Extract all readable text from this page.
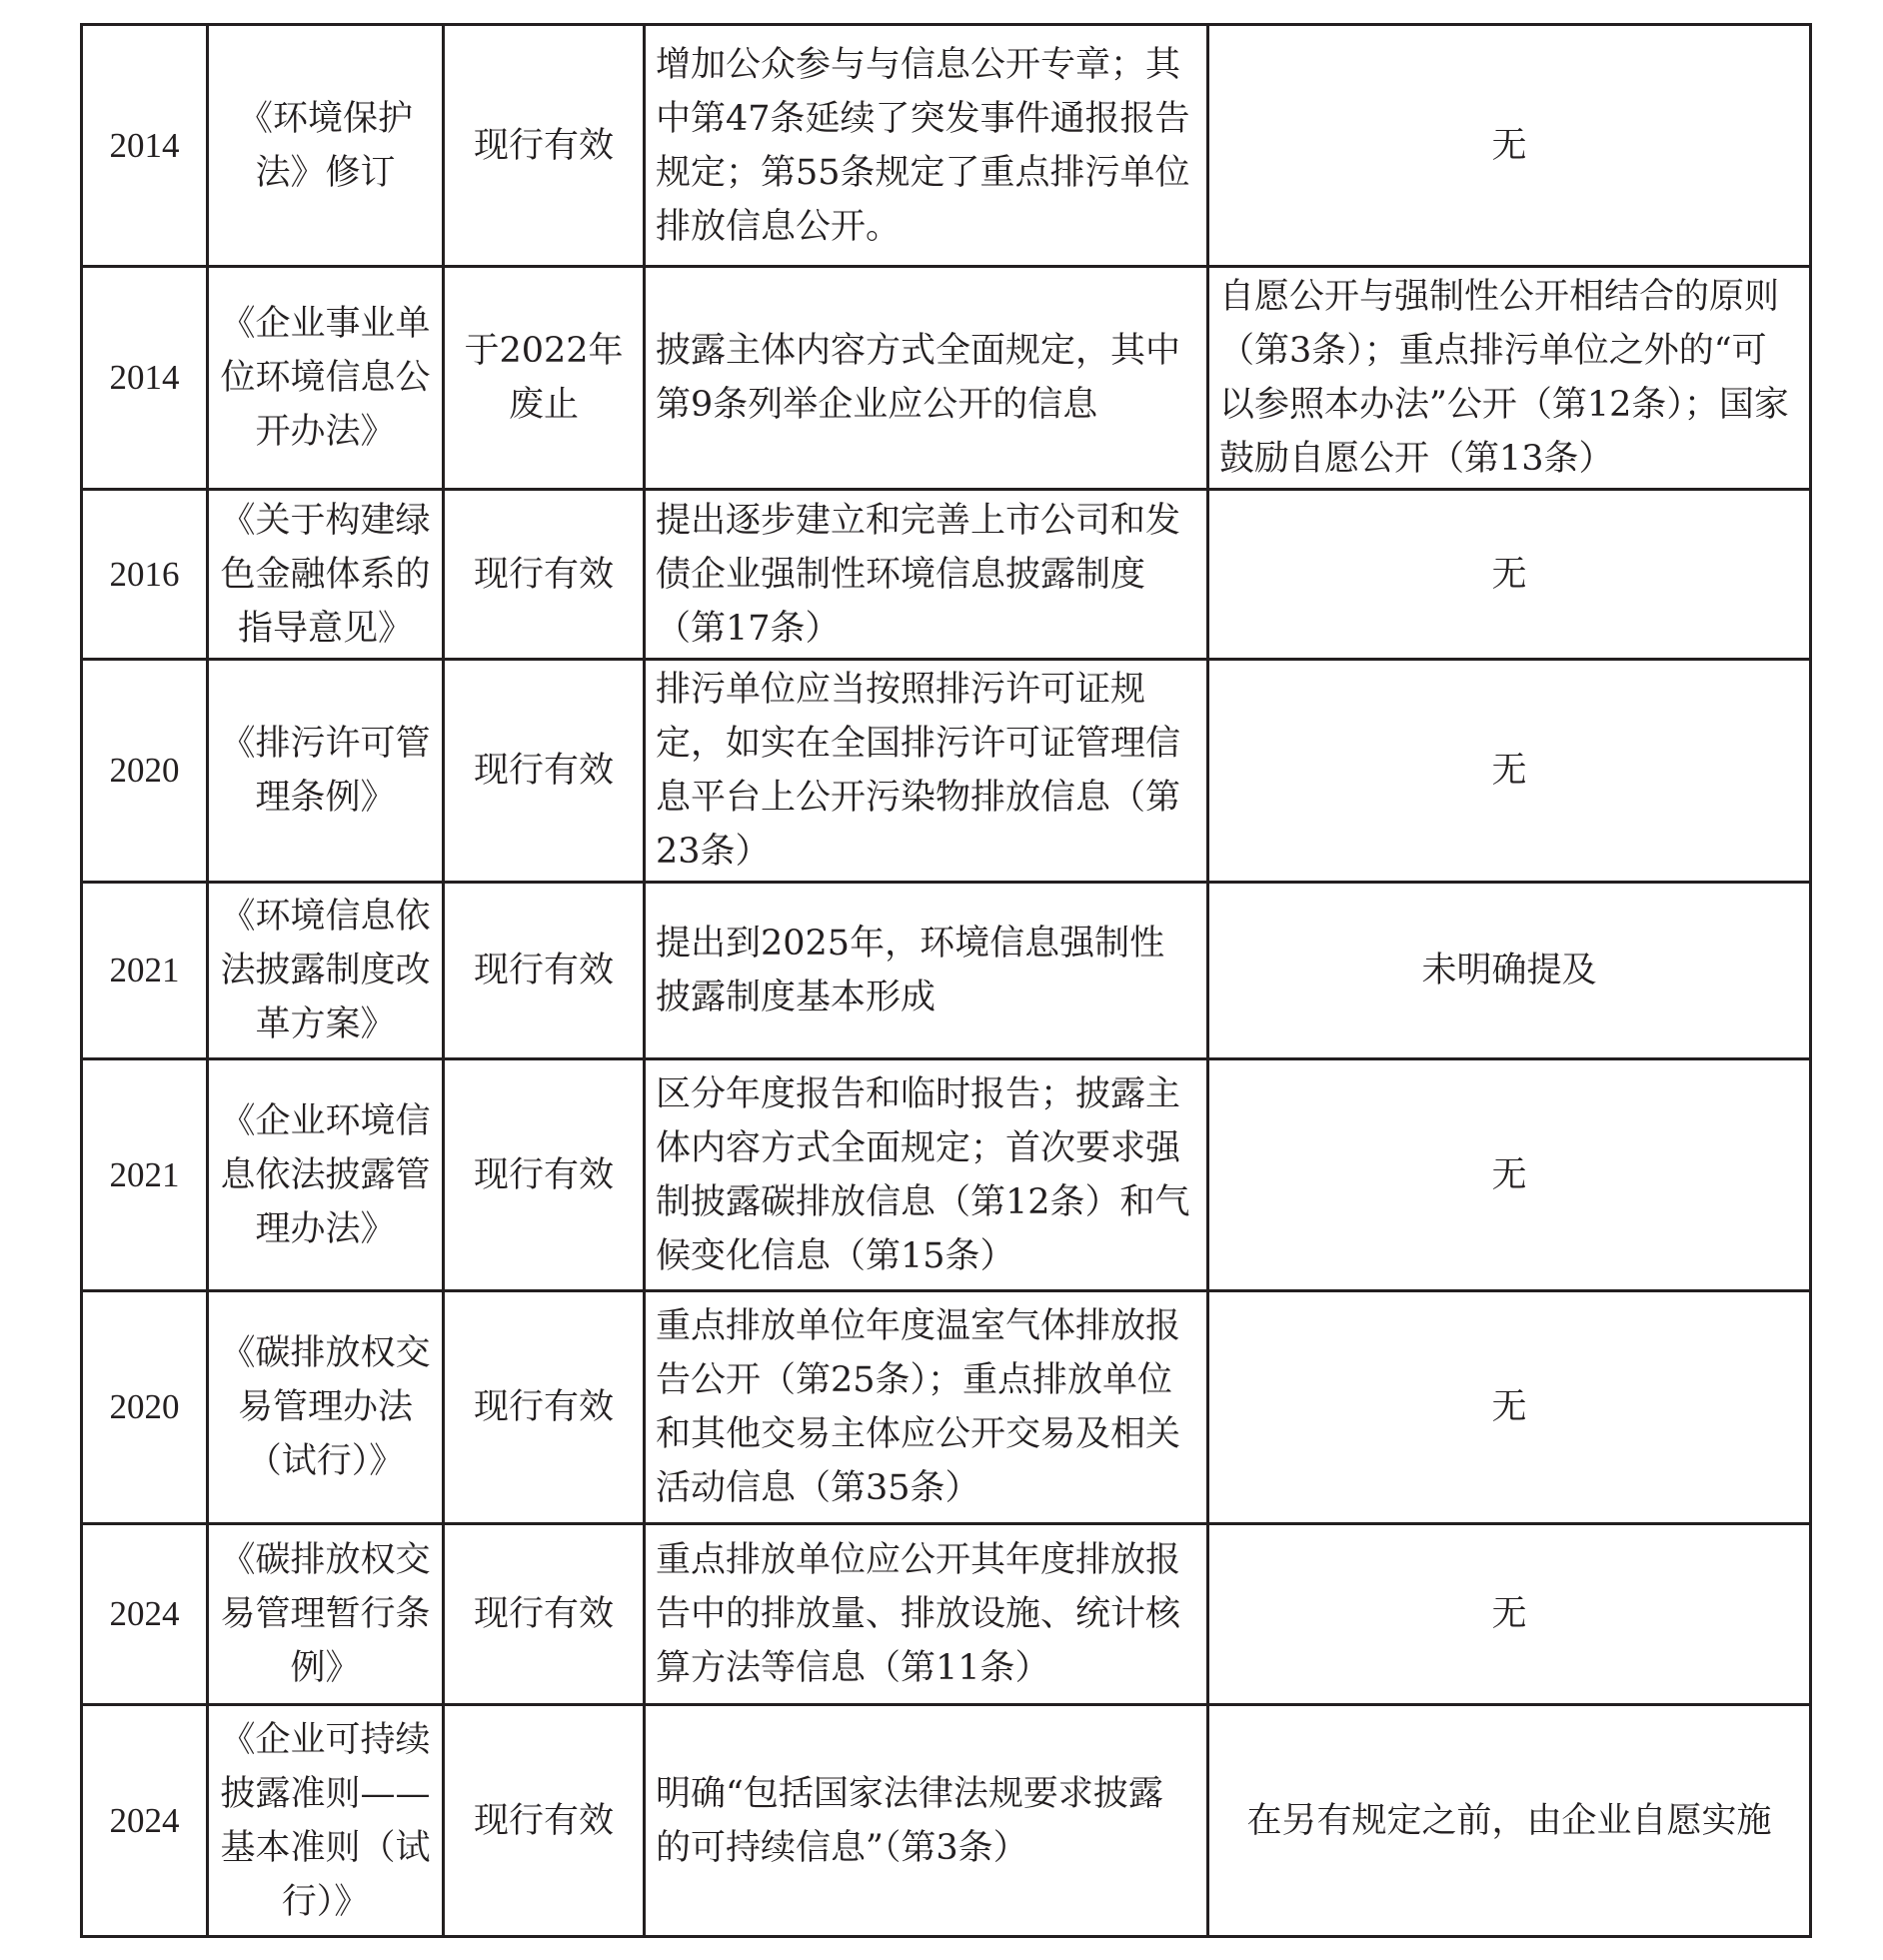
2014	《环境保护法》修订	现行有效	增加公众参与与信息公开专章；其中第47条延续了突发事件通报报告规定；第55条规定了重点排污单位排放信息公开。	无
2014	《企业事业单位环境信息公开办法》	于2022年废止	披露主体内容方式全面规定，其中第9条列举企业应公开的信息	自愿公开与强制性公开相结合的原则（第3条）；重点排污单位之外的“可以参照本办法”公开（第12条）；国家鼓励自愿公开（第13条）
2016	《关于构建绿色金融体系的指导意见》	现行有效	提出逐步建立和完善上市公司和发债企业强制性环境信息披露制度（第17条）	无
2020	《排污许可管理条例》	现行有效	排污单位应当按照排污许可证规定，如实在全国排污许可证管理信息平台上公开污染物排放信息（第23条）	无
2021	《环境信息依法披露制度改革方案》	现行有效	提出到2025年，环境信息强制性披露制度基本形成	未明确提及
2021	《企业环境信息依法披露管理办法》	现行有效	区分年度报告和临时报告；披露主体内容方式全面规定；首次要求强制披露碳排放信息（第12条）和气候变化信息（第15条）	无
2020	《碳排放权交易管理办法（试行）》	现行有效	重点排放单位年度温室气体排放报告公开（第25条）；重点排放单位和其他交易主体应公开交易及相关活动信息（第35条）	无
2024	《碳排放权交易管理暂行条例》	现行有效	重点排放单位应公开其年度排放报告中的排放量、排放设施、统计核算方法等信息（第11条）	无
2024	《企业可持续披露准则——基本准则（试行）》	现行有效	明确“包括国家法律法规要求披露的可持续信息”（第3条）	在另有规定之前，由企业自愿实施
